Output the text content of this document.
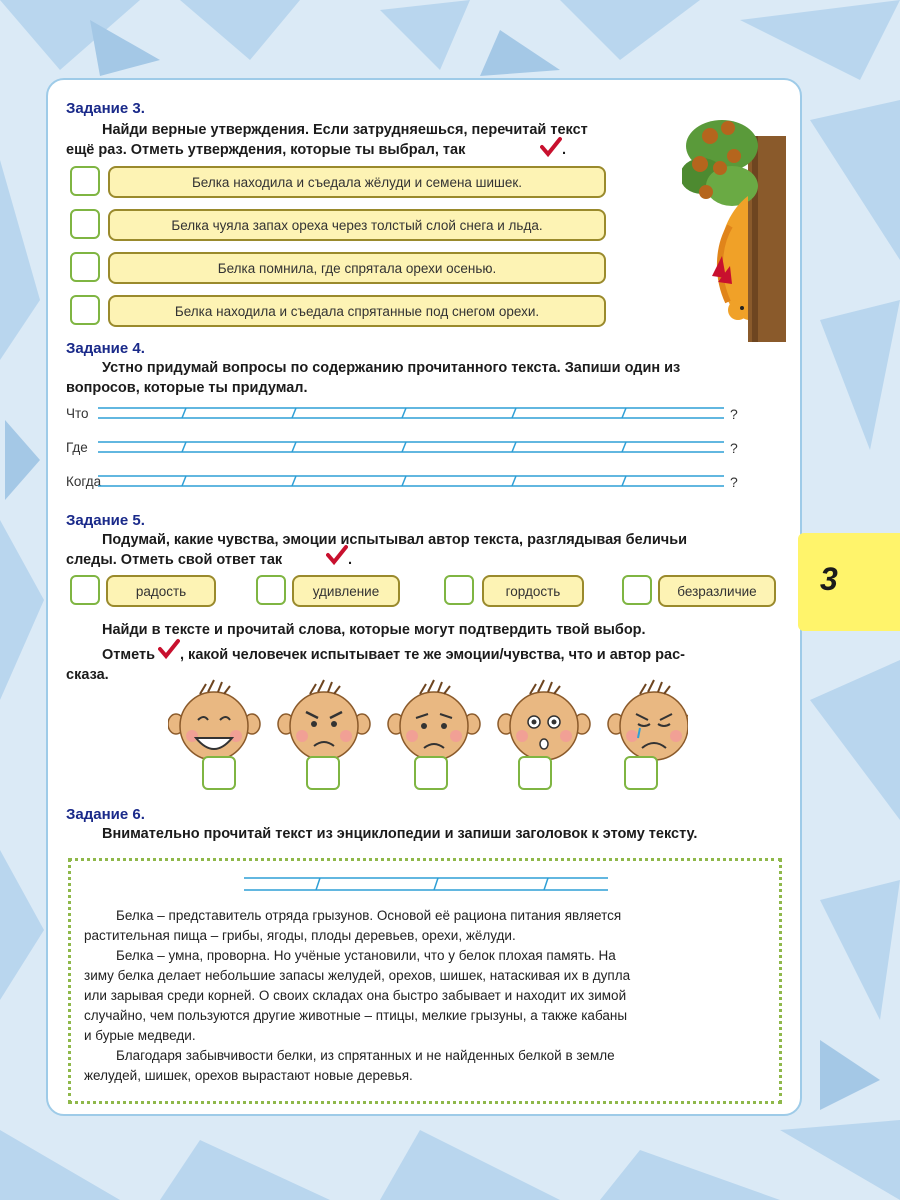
3
Задание 3.
Найди верные утверждения. Если затрудняешься, перечитай текст
ещё раз. Отметь утверждения, которые ты выбрал, так	.
Белка находила и съедала жёлуди и семена шишек.
Белка чуяла запах ореха через толстый слой снега и льда.
Белка помнила, где спрятала орехи осенью.
Белка находила и съедала спрятанные под снегом орехи.
Задание 4.
Устно придумай вопросы по содержанию прочитанного текста. Запиши один из
вопросов, которые ты придумал.
Что
Где
Когда
?
?
?
Задание 5.
Подумай, какие чувства, эмоции испытывал автор текста, разглядывая беличьи
следы. Отметь свой ответ так	.
радость	удивление	гордость	безразличие
Найди в тексте и прочитай слова, которые могут подтвердить твой выбор.
Отметь , какой человечек испытывает те же эмоции/чувства, что и автор рас-
сказа.
Задание 6.
Внимательно прочитай текст из энциклопедии и запиши заголовок к этому тексту.
Белка – представитель отряда грызунов. Основой её рациона питания является
растительная пища – грибы, ягоды, плоды деревьев, орехи, жёлуди.
Белка – умна, проворна. Но учёные установили, что у белок плохая память. На
зиму белка делает небольшие запасы желудей, орехов, шишек, натаскивая их в дупла
или зарывая среди корней. О своих складах она быстро забывает и находит их зимой
случайно, чем пользуются другие животные – птицы, мелкие грызуны, а также кабаны
и бурые медведи.
Благодаря забывчивости белки, из спрятанных и не найденных белкой в земле
желудей, шишек, орехов вырастают новые деревья.
